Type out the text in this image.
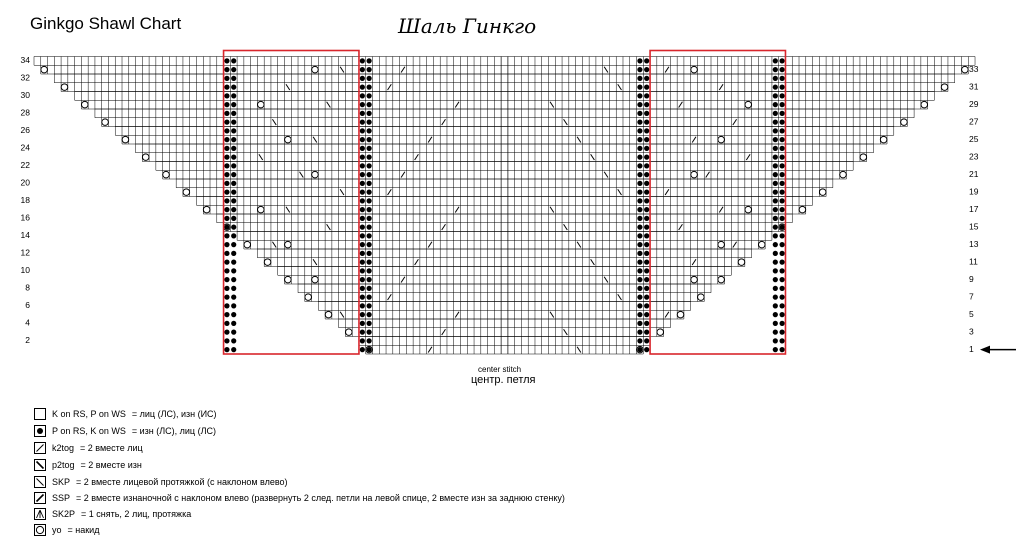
Ginkgo Shawl Chart	Шаль Гинкго
34
32
30
28
26
24
22
20
18
16
14
12
10
8
6
4
2
33
31
29
27
25
23
21
19
17
15
13
11
9
7
5
3
1
center stitch
центр. петля
K on RS, P on WS = лиц (ЛС), изн (ИС)
P on RS, K on WS = изн (ЛС), лиц (ЛС)
k2tog = 2 вместе лиц
p2tog = 2 вместе изн
SKP = 2 вместе лицевой протяжкой (с наклоном влево)
SSP = 2 вместе изнаночной с наклоном влево (развернуть 2 след. петли на левой спице, 2 вместе изн за заднюю стенку)
SK2P = 1 снять, 2 лиц, протяжка
yo = накид
